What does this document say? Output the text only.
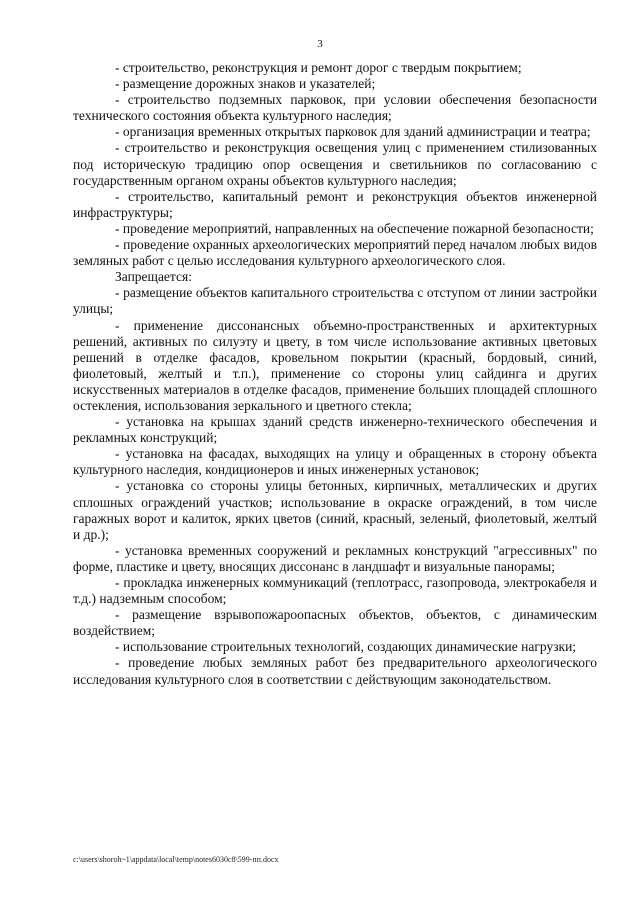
3

- строительство, реконструкция и ремонт дорог с твердым покрытием;

- размещение дорожных знаков и указателей;

- строительство подземных парковок, при условии обеспечения безопасности технического состояния объекта культурного наследия;

- организация временных открытых парковок для зданий администрации и театра;

- строительство и реконструкция освещения улиц с применением стилизованных под историческую традицию опор освещения и светильников по согласованию с государственным органом охраны объектов культурного наследия;

- строительство, капитальный ремонт и реконструкция объектов инженерной инфраструктуры;

- проведение мероприятий, направленных на обеспечение пожарной безопасности;

- проведение охранных археологических мероприятий перед началом любых видов земляных работ с целью исследования культурного археологического слоя.

Запрещается:

- размещение объектов капитального строительства с отступом от линии застройки улицы;

- применение диссонансных объемно-пространственных и архитектурных решений, активных по силуэту и цвету, в том числе использование активных цветовых решений в отделке фасадов, кровельном покрытии (красный, бордовый, синий, фиолетовый, желтый и т.п.), применение со стороны улиц сайдинга и других искусственных материалов в отделке фасадов, применение больших площадей сплошного остекления, использования зеркального и цветного стекла;

- установка на крышах зданий средств инженерно-технического обеспечения и рекламных конструкций;

- установка на фасадах, выходящих на улицу и обращенных в сторону объекта культурного наследия, кондиционеров и иных инженерных установок;

- установка со стороны улицы бетонных, кирпичных, металлических и других сплошных ограждений участков; использование в окраске ограждений, в том числе гаражных ворот и калиток, ярких цветов (синий, красный, зеленый, фиолетовый, желтый и др.);

- установка временных сооружений и рекламных конструкций "агрессивных" по форме, пластике и цвету, вносящих диссонанс в ландшафт и визуальные панорамы;

- прокладка инженерных коммуникаций (теплотрасс, газопровода, электрокабеля и т.д.) надземным способом;

- размещение взрывопожароопасных объектов, объектов, с динамическим воздействием;

- использование строительных технологий, создающих динамические нагрузки;

- проведение любых земляных работ без предварительного археологического исследования культурного слоя в соответствии с действующим законодательством.

c:\users\shoroh~1\appdata\local\temp\notes6030c8\599-пп.docx
